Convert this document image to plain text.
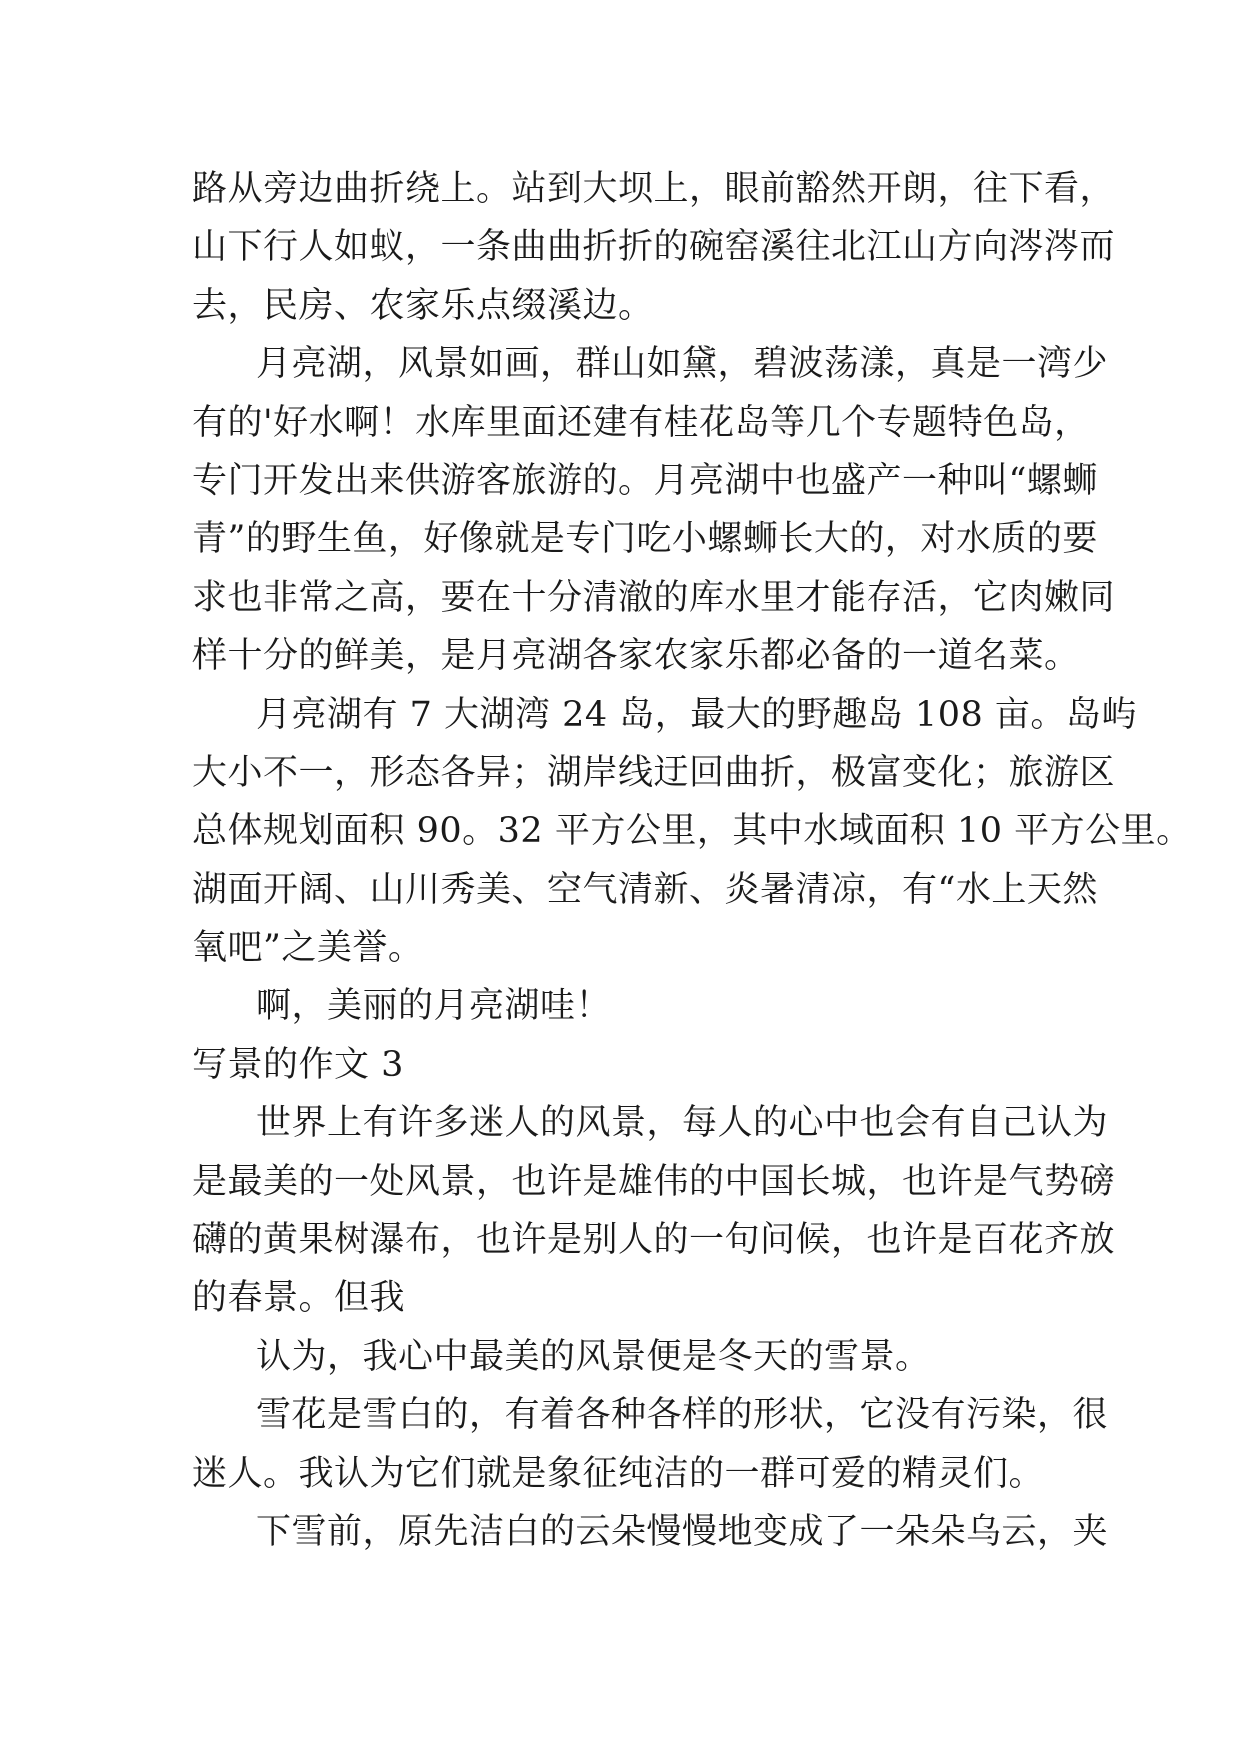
路从旁边曲折绕上。站到大坝上，眼前豁然开朗，往下看，
山下行人如蚁，一条曲曲折折的碗窑溪往北江山方向涔涔而
去，民房、农家乐点缀溪边。
月亮湖，风景如画，群山如黛，碧波荡漾，真是一湾少
有的'好水啊！水库里面还建有桂花岛等几个专题特色岛，
专门开发出来供游客旅游的。月亮湖中也盛产一种叫“螺蛳
青”的野生鱼，好像就是专门吃小螺蛳长大的，对水质的要
求也非常之高，要在十分清澈的库水里才能存活，它肉嫩同
样十分的鲜美，是月亮湖各家农家乐都必备的一道名菜。
月亮湖有 7 大湖湾 24 岛，最大的野趣岛 108 亩。岛屿
大小不一，形态各异；湖岸线迂回曲折，极富变化；旅游区
总体规划面积 90。32 平方公里，其中水域面积 10 平方公里。
湖面开阔、山川秀美、空气清新、炎暑清凉，有“水上天然
氧吧”之美誉。
啊，美丽的月亮湖哇！
写景的作文 3
世界上有许多迷人的风景，每人的心中也会有自己认为
是最美的一处风景，也许是雄伟的中国长城，也许是气势磅
礴的黄果树瀑布，也许是别人的一句问候，也许是百花齐放
的春景。但我
认为，我心中最美的风景便是冬天的雪景。
雪花是雪白的，有着各种各样的形状，它没有污染，很
迷人。我认为它们就是象征纯洁的一群可爱的精灵们。
下雪前，原先洁白的云朵慢慢地变成了一朵朵乌云，夹
